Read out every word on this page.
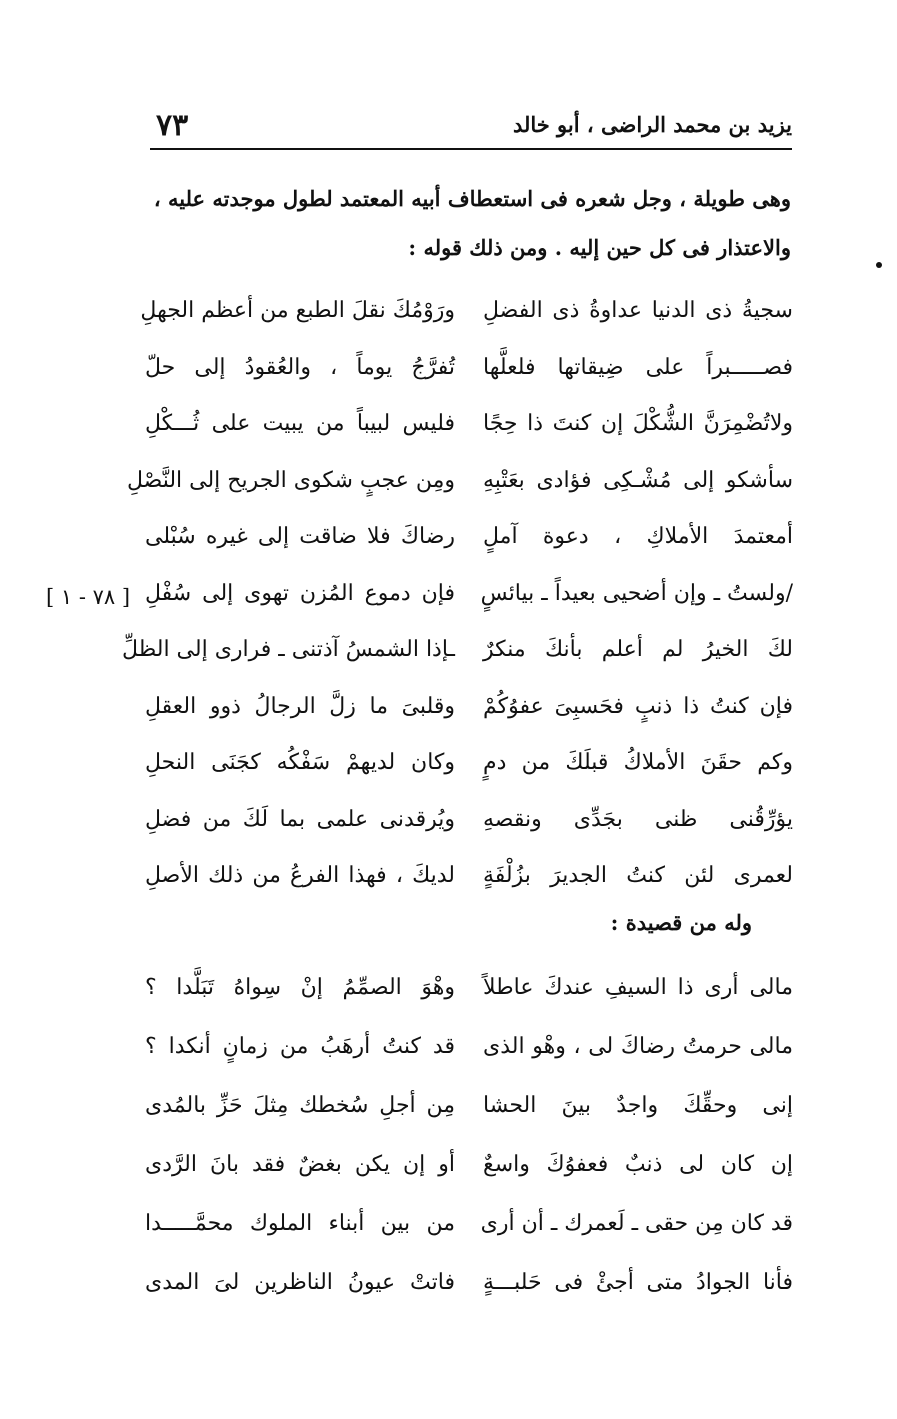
يزيد بن محمد الراضى ، أبو خالد
٧٣
وهى طويلة ، وجل شعره فى استعطاف أبيه المعتمد لطول موجدته عليه ،
والاعتذار فى كل حين إليه . ومن ذلك قوله :
[ ٧٨ - ١ ]
سجيةُ ذى الدنيا عداوةُ ذى الفضلِ
ورَوْمُكَ نقلَ الطبع من أعظم الجهلِ
فصـــــبراً على ضِيقاتها فلعلَّها
تُفرَّجُ يوماً ، والعُقودُ إلى حلّ
ولاتُضْمِرَنَّ الشُّكْلَ إن كنتَ ذا حِجًا
فليس لبيباً من يبيت على ثُـــكْلِ
سأشكو إلى مُشْـكِى فؤادى بعَتْبِهِ
ومِن عجبٍ شكوى الجريح إلى النَّصْلِ
أمعتمدَ الأملاكِ ، دعوة آملٍ
رضاكَ فلا ضاقت إلى غيره سُبْلى
/ولستُ ـ وإن أضحيى بعيداً ـ بيائسٍ
فإن دموع المُزن تهوى إلى سُفْلِ
لكَ الخيرُ لم أعلم بأنكَ منكرٌ
ـإذا الشمسُ آذتنى ـ فرارى إلى الظلِّ
فإن كنتُ ذا ذنبٍ فحَسبِىَ عفوُكُمْ
وقلبىَ ما زلَّ الرجالُ ذوو العقلِ
وكم حقَنَ الأملاكُ قبلَكَ من دمٍ
وكان لديهمْ سَفْكُه كجَنَى النحلِ
يؤرِّقُنى ظنى بجَدِّى ونقصهِ
ويُرقدنى علمى بما لَكَ من فضلِ
لعمرى لئن كنتُ الجديرَ بزُلْفَةٍ
لديكَ ، فهذا الفرعُ من ذلك الأصلِ
وله من قصيدة :
مالى أرى ذا السيفِ عندكَ عاطلاً
وهْوَ الصمِّمُ إنْ سِواهُ تَبَلَّدا ؟
مالى حرمتُ رضاكَ لى ، وهْو الذى
قد كنتُ أرهَبُ من زمانٍ أنكدا ؟
إنى وحقِّكَ واجدٌ بينَ الحشا
مِن أجلِ سُخطك مِثلَ حَزِّ بالمُدى
إن كان لى ذنبٌ فعفوُكَ واسعٌ
أو إن يكن بغضٌ فقد بانَ الرَّدى
قد كان مِن حقى ـ لَعمرك ـ أن أرى
من بين أبناء الملوك محمَّـــــدا
فأنا الجوادُ متى أجئْ فى حَلبـــةٍ
فاتتْ عيونُ الناظرين لىَ المدى
